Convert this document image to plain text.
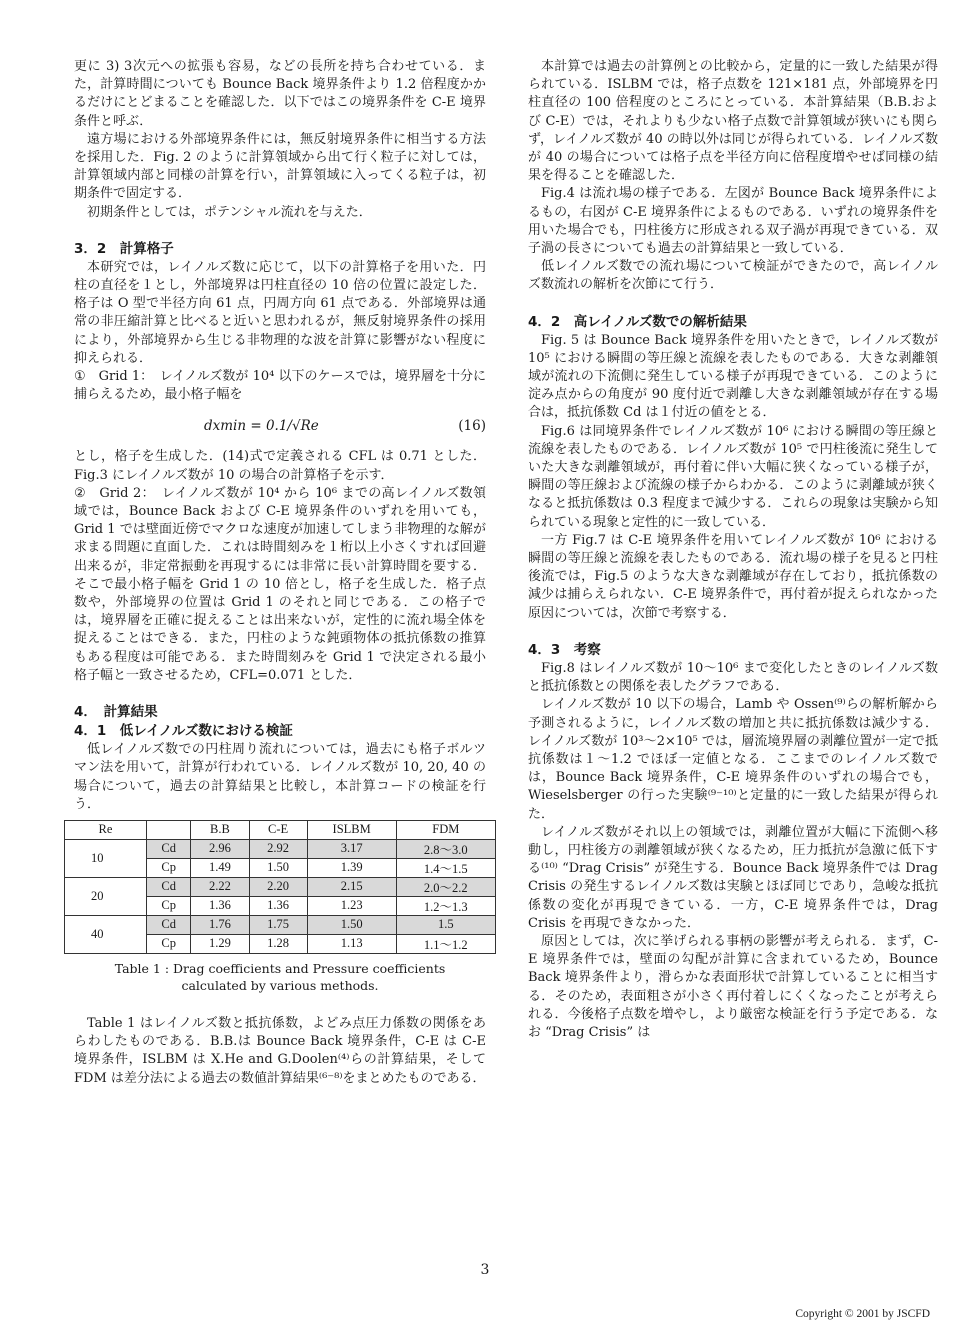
更に 3) 3次元への拡張も容易，などの長所を持ち合わせている．また，計算時間についても Bounce Back 境界条件より 1.2 倍程度かかるだけにとどまることを確認した．以下ではこの境界条件を C-E 境界条件と呼ぶ．

遠方場における外部境界条件には，無反射境界条件に相当する方法を採用した．Fig. 2 のように計算領域から出て行く粒子に対しては，計算領域内部と同様の計算を行い，計算領域に入ってくる粒子は，初期条件で固定する．

初期条件としては，ポテンシャル流れを与えた．

3．2　計算格子

本研究では，レイノルズ数に応じて，以下の計算格子を用いた．円柱の直径を１とし，外部境界は円柱直径の 10 倍の位置に設定した．格子は O 型で半径方向 61 点，円周方向 61 点である．外部境界は通常の非圧縮計算と比べると近いと思われるが，無反射境界条件の採用により，外部境界から生じる非物理的な波を計算に影響がない程度に抑えられる．

①　Grid 1：　レイノルズ数が 10⁴ 以下のケースでは，境界層を十分に捕らえるため，最小格子幅を

dxmin = 0.1/√Re	(16)

とし，格子を生成した．(14)式で定義される CFL は 0.71 とした．Fig.3 にレイノルズ数が 10 の場合の計算格子を示す．

②　Grid 2：　レイノルズ数が 10⁴ から 10⁶ までの高レイノルズ数領域では，Bounce Back および C-E 境界条件のいずれを用いても，Grid 1 では壁面近傍でマクロな速度が加速してしまう非物理的な解が求まる問題に直面した．これは時間刻みを１桁以上小さくすれば回避出来るが，非定常振動を再現するには非常に長い計算時間を要する．そこで最小格子幅を Grid 1 の 10 倍とし，格子を生成した．格子点数や，外部境界の位置は Grid 1 のそれと同じである．この格子では，境界層を正確に捉えることは出来ないが，定性的に流れ場全体を捉えることはできる．また，円柱のような鈍頭物体の抵抗係数の推算もある程度は可能である．また時間刻みを Grid 1 で決定される最小格子幅と一致させるため，CFL=0.071 とした．

4．　計算結果
4．1　低レイノルズ数における検証

低レイノルズ数での円柱周り流れについては，過去にも格子ボルツマン法を用いて，計算が行われている．レイノルズ数が 10, 20, 40 の場合について，過去の計算結果と比較し，本計算コードの検証を行う．

Re		B.B	C-E	ISLBM	FDM
10	Cd	2.96	2.92	3.17	2.8～3.0
	Cp	1.49	1.50	1.39	1.4～1.5
20	Cd	2.22	2.20	2.15	2.0～2.2
	Cp	1.36	1.36	1.23	1.2～1.3
40	Cd	1.76	1.75	1.50	1.5
	Cp	1.29	1.28	1.13	1.1～1.2
Table 1 : Drag coefficients and Pressure coefficients
calculated by various methods.

Table 1 はレイノルズ数と抵抗係数，よどみ点圧力係数の関係をあらわしたものである．B.B.は Bounce Back 境界条件，C-E は C-E 境界条件，ISLBM は X.He and G.Doolen⁽⁴⁾らの計算結果，そして FDM は差分法による過去の数値計算結果⁽⁶⁻⁸⁾をまとめたものである．

本計算では過去の計算例との比較から，定量的に一致した結果が得られている．ISLBM では，格子点数を 121×181 点，外部境界を円柱直径の 100 倍程度のところにとっている．本計算結果（B.B.および C-E）では，それよりも少ない格子点数で計算領域が狭いにも関らず，レイノルズ数が 40 の時以外は同じが得られている．レイノルズ数が 40 の場合については格子点を半径方向に倍程度増やせば同様の結果を得ることを確認した．

Fig.4 は流れ場の様子である．左図が Bounce Back 境界条件によるもの，右図が C-E 境界条件によるものである．いずれの境界条件を用いた場合でも，円柱後方に形成される双子渦が再現できている．双子渦の長さについても過去の計算結果と一致している．

低レイノルズ数での流れ場について検証ができたので，高レイノルズ数流れの解析を次節にて行う．

4．2　高レイノルズ数での解析結果

Fig. 5 は Bounce Back 境界条件を用いたときで，レイノルズ数が 10⁵ における瞬間の等圧線と流線を表したものである．大きな剥離領域が流れの下流側に発生している様子が再現できている．このように淀み点からの角度が 90 度付近で剥離し大きな剥離領域が存在する場合は，抵抗係数 Cd は１付近の値をとる．

Fig.6 は同境界条件でレイノルズ数が 10⁶ における瞬間の等圧線と流線を表したものである．レイノルズ数が 10⁵ で円柱後流に発生していた大きな剥離領域が，再付着に伴い大幅に狭くなっている様子が，瞬間の等圧線および流線の様子からわかる．このように剥離域が狭くなると抵抗係数は 0.3 程度まで減少する．これらの現象は実験から知られている現象と定性的に一致している．

一方 Fig.7 は C-E 境界条件を用いてレイノルズ数が 10⁶ における瞬間の等圧線と流線を表したものである．流れ場の様子を見ると円柱後流では，Fig.5 のような大きな剥離域が存在しており，抵抗係数の減少は捕らえられない．C-E 境界条件で，再付着が捉えられなかった原因については，次節で考察する．

4．3　考察

Fig.8 はレイノルズ数が 10～10⁶ まで変化したときのレイノルズ数と抵抗係数との関係を表したグラフである．

レイノルズ数が 10 以下の場合，Lamb や Ossen⁽⁹⁾らの解析解から予測されるように，レイノルズ数の増加と共に抵抗係数は減少する．レイノルズ数が 10³～2×10⁵ では，層流境界層の剥離位置が一定で抵抗係数は１～1.2 でほぼ一定値となる．ここまでのレイノルズ数では，Bounce Back 境界条件，C-E 境界条件のいずれの場合でも，Wieselsberger の行った実験⁽⁹⁻¹⁰⁾と定量的に一致した結果が得られた．

レイノルズ数がそれ以上の領域では，剥離位置が大幅に下流側へ移動し，円柱後方の剥離領域が狭くなるため，圧力抵抗が急激に低下する⁽¹⁰⁾ “Drag Crisis” が発生する．Bounce Back 境界条件では Drag Crisis の発生するレイノルズ数は実験とほぼ同じであり，急峻な抵抗係数の変化が再現できている．一方，C-E 境界条件では，Drag Crisis を再現できなかった．

原因としては，次に挙げられる事柄の影響が考えられる．まず，C-E 境界条件では，壁面の勾配が計算に含まれているため，Bounce Back 境界条件より，滑らかな表面形状で計算していることに相当する．そのため，表面粗さが小さく再付着しにくくなったことが考えられる．今後格子点数を増やし，より厳密な検証を行う予定である．なお “Drag Crisis” は

3
Copyright © 2001 by JSCFD
